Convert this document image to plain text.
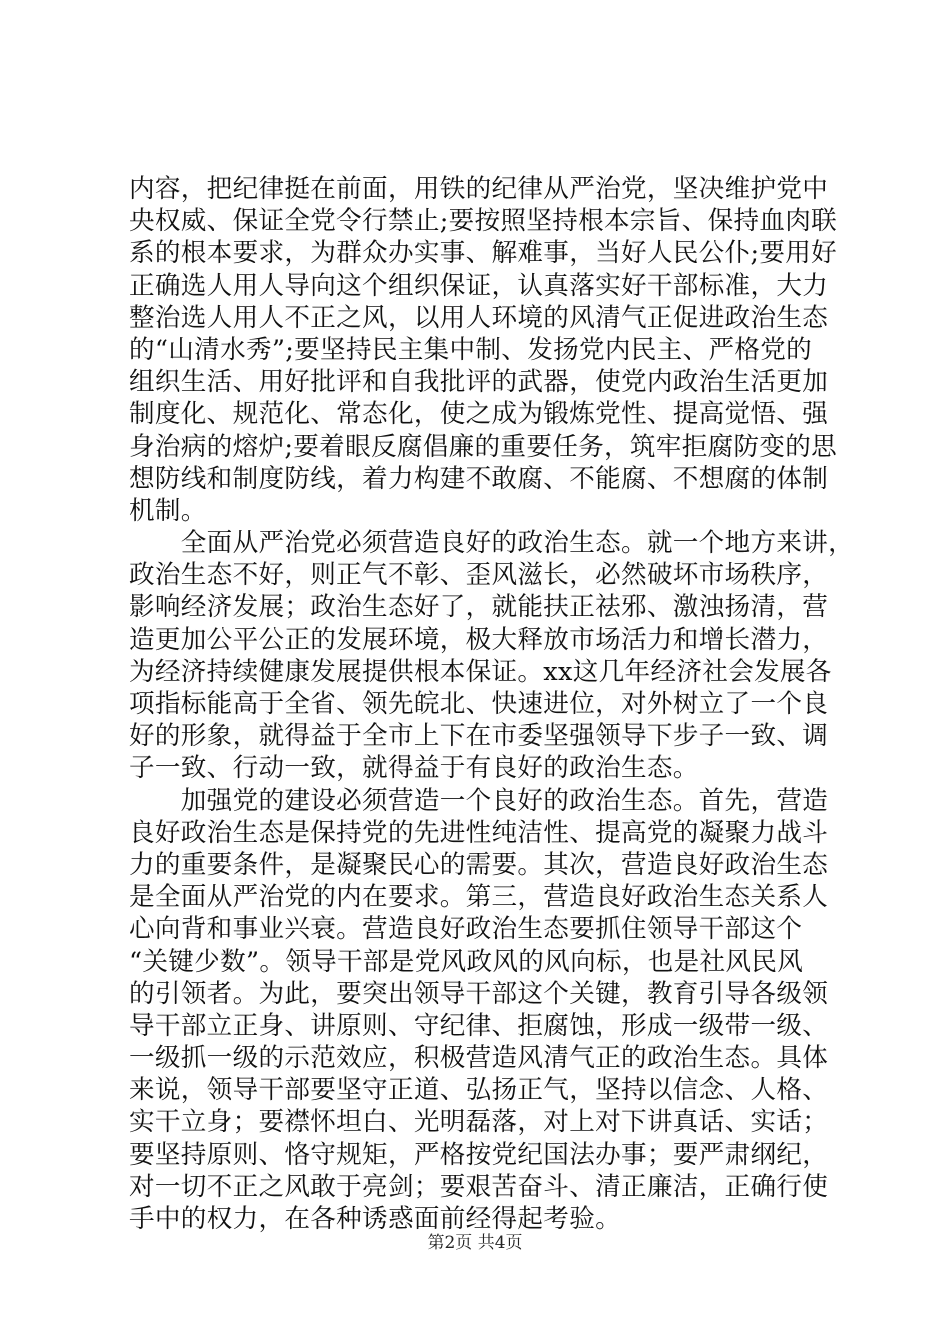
内容，把纪律挺在前面，用铁的纪律从严治党，坚决维护党中
央权威、保证全党令行禁止;要按照坚持根本宗旨、保持血肉联
系的根本要求，为群众办实事、解难事，当好人民公仆;要用好
正确选人用人导向这个组织保证，认真落实好干部标准，大力
整治选人用人不正之风，以用人环境的风清气正促进政治生态
的“山清水秀”;要坚持民主集中制、发扬党内民主、严格党的
组织生活、用好批评和自我批评的武器，使党内政治生活更加
制度化、规范化、常态化，使之成为锻炼党性、提高觉悟、强
身治病的熔炉;要着眼反腐倡廉的重要任务，筑牢拒腐防变的思
想防线和制度防线，着力构建不敢腐、不能腐、不想腐的体制
机制。
　　全面从严治党必须营造良好的政治生态。就一个地方来讲，
政治生态不好，则正气不彰、歪风滋长，必然破坏市场秩序，
影响经济发展；政治生态好了，就能扶正祛邪、激浊扬清，营
造更加公平公正的发展环境，极大释放市场活力和增长潜力，
为经济持续健康发展提供根本保证。xx这几年经济社会发展各
项指标能高于全省、领先皖北、快速进位，对外树立了一个良
好的形象，就得益于全市上下在市委坚强领导下步子一致、调
子一致、行动一致，就得益于有良好的政治生态。
　　加强党的建设必须营造一个良好的政治生态。首先，营造
良好政治生态是保持党的先进性纯洁性、提高党的凝聚力战斗
力的重要条件，是凝聚民心的需要。其次，营造良好政治生态
是全面从严治党的内在要求。第三，营造良好政治生态关系人
心向背和事业兴衰。营造良好政治生态要抓住领导干部这个
“关键少数”。领导干部是党风政风的风向标，也是社风民风
的引领者。为此，要突出领导干部这个关键，教育引导各级领
导干部立正身、讲原则、守纪律、拒腐蚀，形成一级带一级、
一级抓一级的示范效应，积极营造风清气正的政治生态。具体
来说，领导干部要坚守正道、弘扬正气，坚持以信念、人格、
实干立身；要襟怀坦白、光明磊落，对上对下讲真话、实话；
要坚持原则、恪守规矩，严格按党纪国法办事；要严肃纲纪，
对一切不正之风敢于亮剑；要艰苦奋斗、清正廉洁，正确行使
手中的权力，在各种诱惑面前经得起考验。
第2页 共4页
